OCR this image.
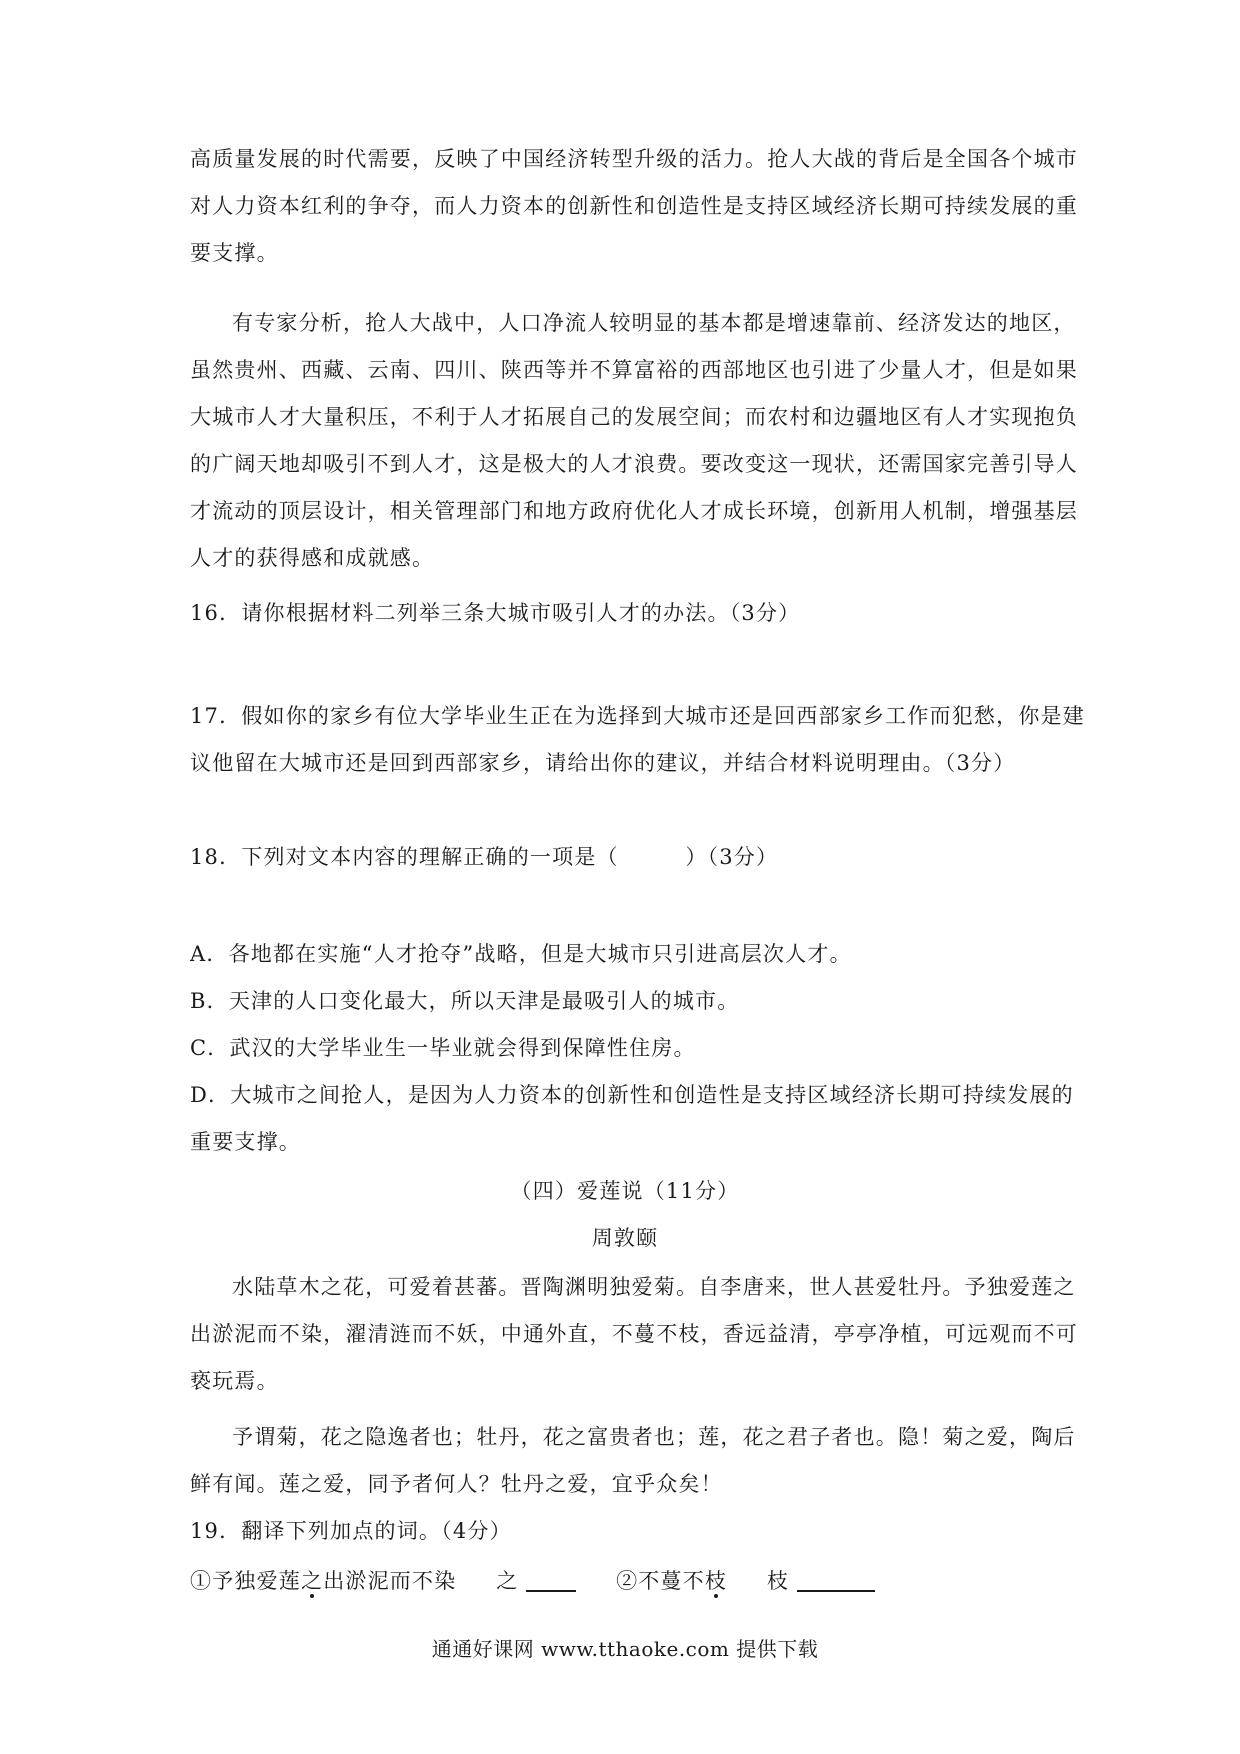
高质量发展的时代需要，反映了中国经济转型升级的活力。抢人大战的背后是全国各个城市
对人力资本红利的争夺，而人力资本的创新性和创造性是支持区域经济长期可持续发展的重
要支撑。
有专家分析，抢人大战中，人口净流人较明显的基本都是增速靠前、经济发达的地区，
虽然贵州、西藏、云南、四川、陕西等并不算富裕的西部地区也引进了少量人才，但是如果
大城市人才大量积压，不利于人才拓展自己的发展空间；而农村和边疆地区有人才实现抱负
的广阔天地却吸引不到人才，这是极大的人才浪费。要改变这一现状，还需国家完善引导人
才流动的顶层设计，相关管理部门和地方政府优化人才成长环境，创新用人机制，增强基层
人才的获得感和成就感。
16．请你根据材料二列举三条大城市吸引人才的办法。（3分）
17．假如你的家乡有位大学毕业生正在为选择到大城市还是回西部家乡工作而犯愁，你是建
议他留在大城市还是回到西部家乡，请给出你的建议，并结合材料说明理由。（3分）
18．下列对文本内容的理解正确的一项是（　　　）（3分）
A．各地都在实施“人才抢夺”战略，但是大城市只引进高层次人才。
B．天津的人口变化最大，所以天津是最吸引人的城市。
C．武汉的大学毕业生一毕业就会得到保障性住房。
D．大城市之间抢人，是因为人力资本的创新性和创造性是支持区域经济长期可持续发展的
重要支撑。
（四）爱莲说（11分）
周敦颐
水陆草木之花，可爱着甚蕃。晋陶渊明独爱菊。自李唐来，世人甚爱牡丹。予独爱莲之
出淤泥而不染，濯清涟而不妖，中通外直，不蔓不枝，香远益清，亭亭净植，可远观而不可
亵玩焉。
予谓菊，花之隐逸者也；牡丹，花之富贵者也；莲，花之君子者也。隐！菊之爱，陶后
鲜有闻。莲之爱，同予者何人？牡丹之爱，宜乎众矣！
19．翻译下列加点的词。（4分）
①予独爱莲之出淤泥而不染 之	②不蔓不枝 枝
通通好课网 www.tthaoke.com 提供下载
